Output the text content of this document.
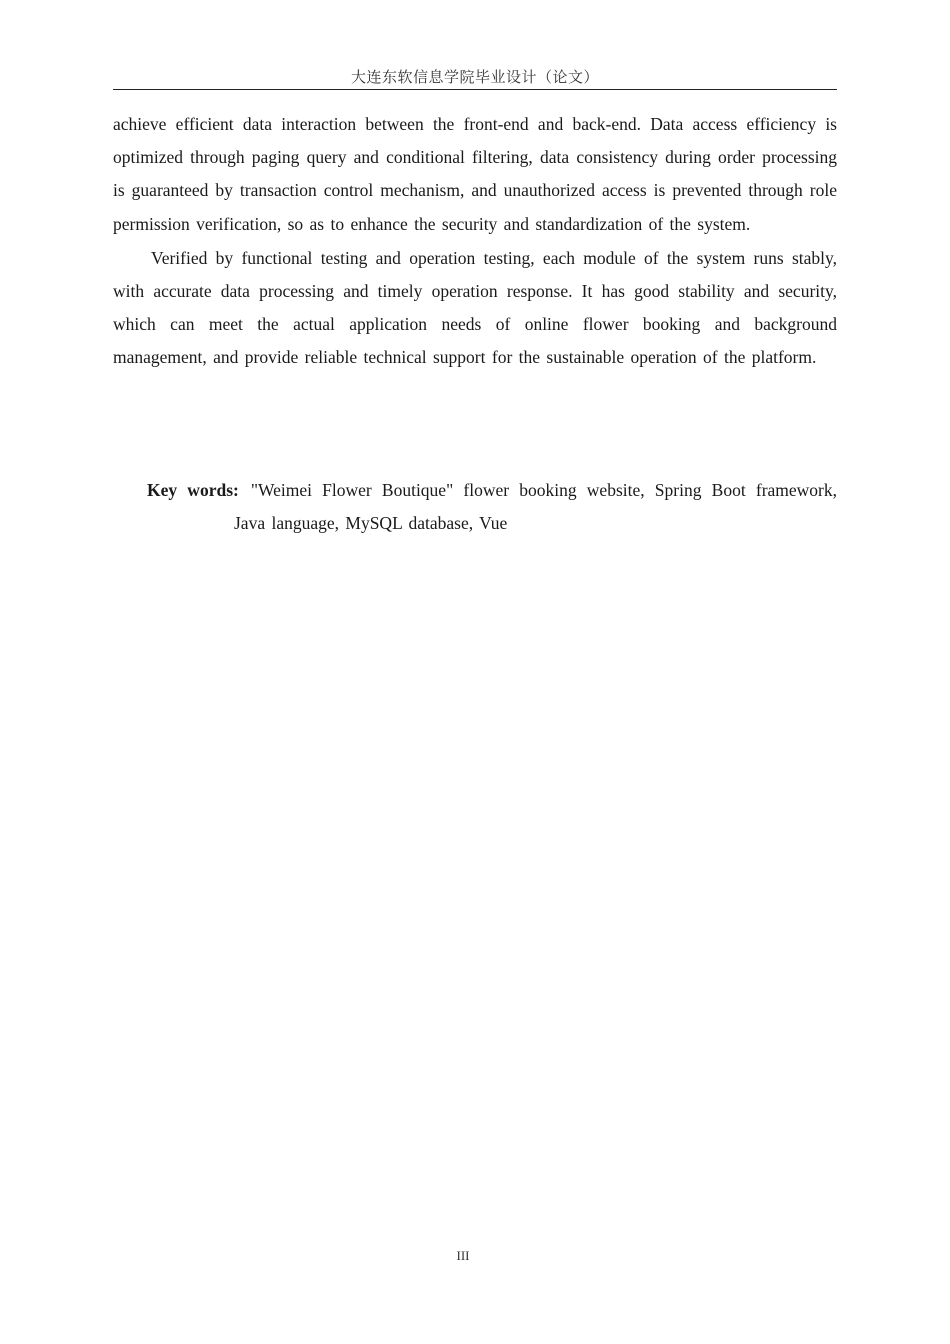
大连东软信息学院毕业设计（论文）

achieve efficient data interaction between the front-end and back-end. Data access efficiency is optimized through paging query and conditional filtering, data consistency during order processing is guaranteed by transaction control mechanism, and unauthorized access is prevented through role permission verification, so as to enhance the security and standardization of the system.

Verified by functional testing and operation testing, each module of the system runs stably, with accurate data processing and timely operation response. It has good stability and security, which can meet the actual application needs of online flower booking and background management, and provide reliable technical support for the sustainable operation of the platform.

Key words: "Weimei Flower Boutique" flower booking website, Spring Boot framework, Java language, MySQL database, Vue
III
